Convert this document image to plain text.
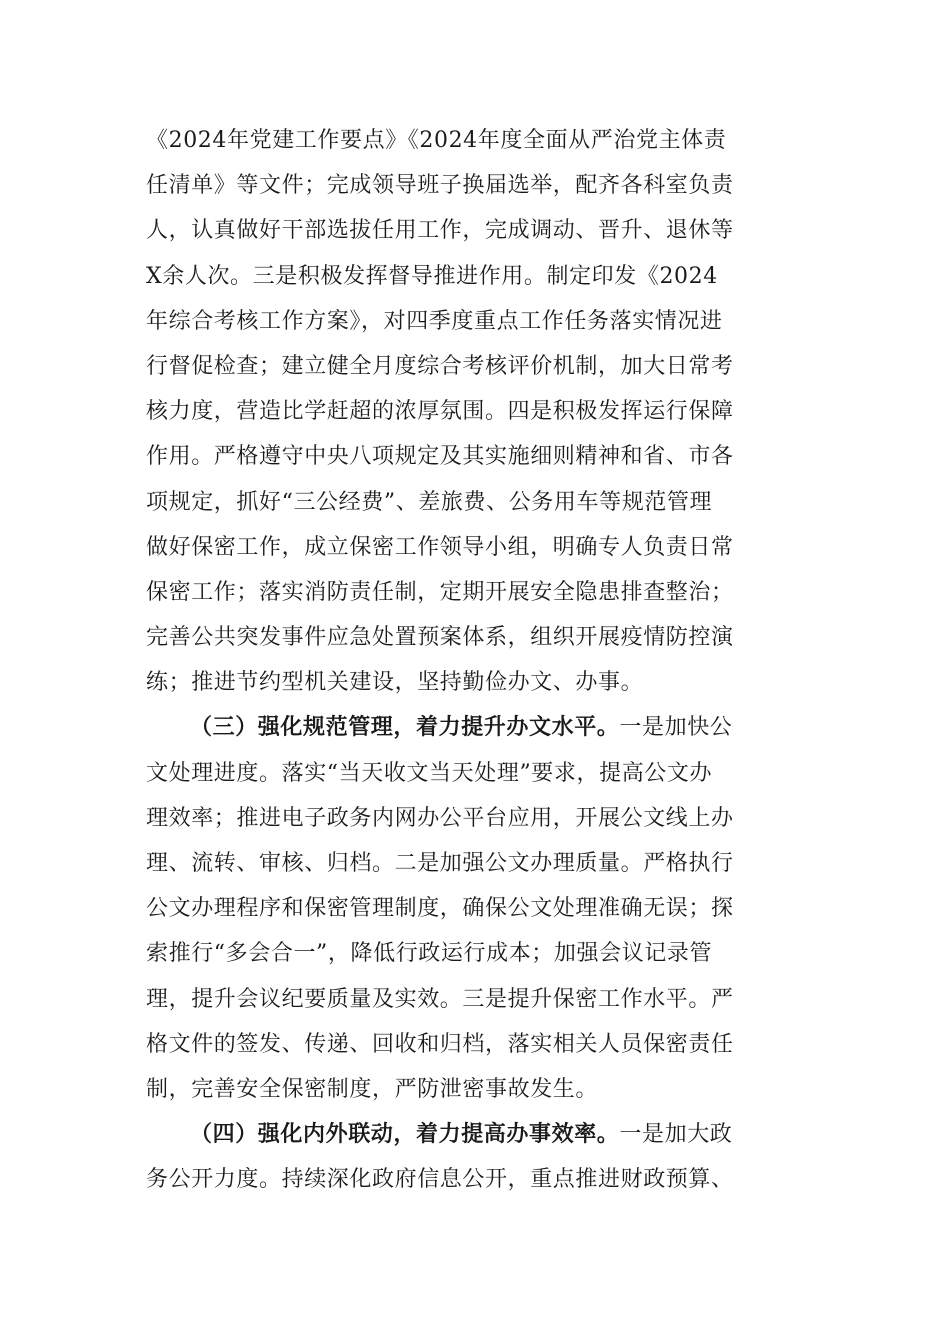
《2024年党建工作要点》《2024年度全面从严治党主体责
任清单》等文件；完成领导班子换届选举，配齐各科室负责
人，认真做好干部选拔任用工作，完成调动、晋升、退休等
X余人次。三是积极发挥督导推进作用。制定印发《2024
年综合考核工作方案》，对四季度重点工作任务落实情况进
行督促检查；建立健全月度综合考核评价机制，加大日常考
核力度，营造比学赶超的浓厚氛围。四是积极发挥运行保障
作用。严格遵守中央八项规定及其实施细则精神和省、市各
项规定，抓好“三公经费”、差旅费、公务用车等规范管理
做好保密工作，成立保密工作领导小组，明确专人负责日常
保密工作；落实消防责任制，定期开展安全隐患排查整治；
完善公共突发事件应急处置预案体系，组织开展疫情防控演
练；推进节约型机关建设，坚持勤俭办文、办事。
（三）强化规范管理，着力提升办文水平。一是加快公
文处理进度。落实“当天收文当天处理”要求，提高公文办
理效率；推进电子政务内网办公平台应用，开展公文线上办
理、流转、审核、归档。二是加强公文办理质量。严格执行
公文办理程序和保密管理制度，确保公文处理准确无误；探
索推行“多会合一”，降低行政运行成本；加强会议记录管
理，提升会议纪要质量及实效。三是提升保密工作水平。严
格文件的签发、传递、回收和归档，落实相关人员保密责任
制，完善安全保密制度，严防泄密事故发生。
（四）强化内外联动，着力提高办事效率。一是加大政
务公开力度。持续深化政府信息公开，重点推进财政预算、
